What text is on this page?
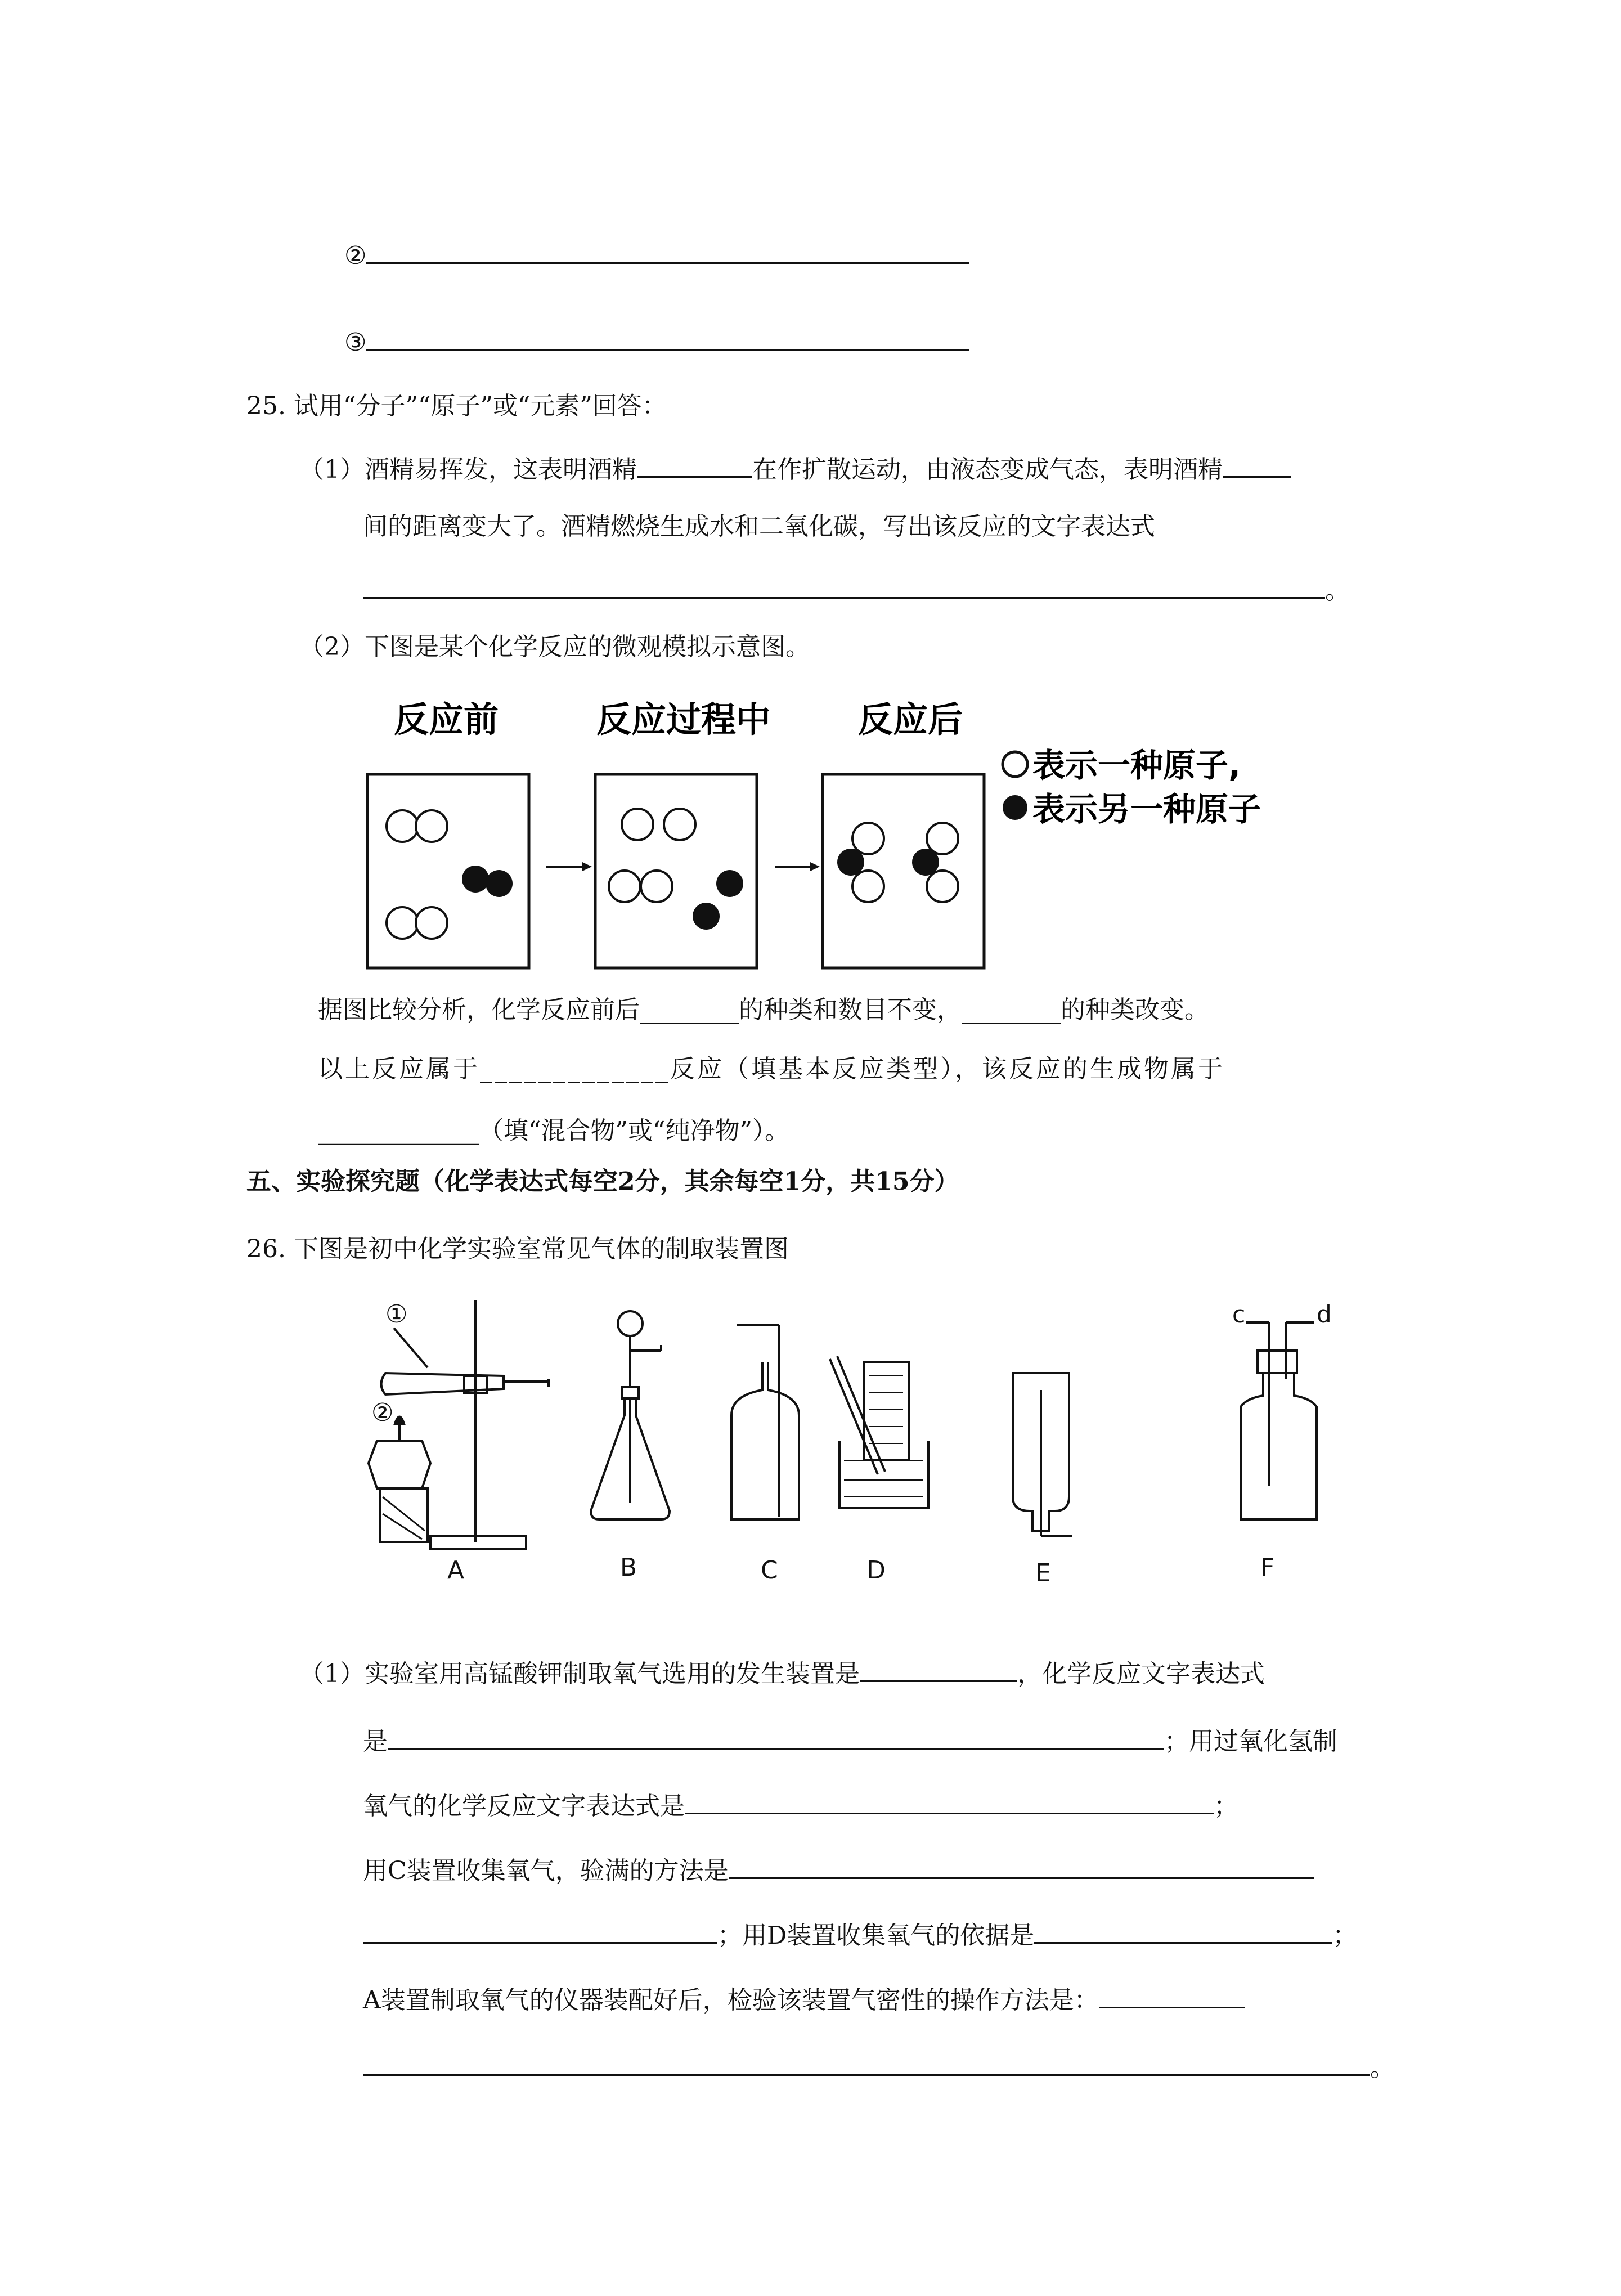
②
③
25. 试用“分子”“原子”或“元素”回答：
（1）酒精易挥发，这表明酒精	在作扩散运动，由液态变成气态，表明酒精
间的距离变大了。酒精燃烧生成水和二氧化碳，写出该反应的文字表达式
。
（2）下图是某个化学反应的微观模拟示意图。
反应前	反应过程中 反应后
表示一种原子,
表示另一种原子
据图比较分析，化学反应前后________的种类和数目不变，________的种类改变。
以上反应属于_____________反应（填基本反应类型），该反应的生成物属于
_____________（填“混合物”或“纯净物”）。
五、实验探究题（化学表达式每空2分，其余每空1分，共15分）
26. 下图是初中化学实验室常见气体的制取装置图
①
②
A	B	C	D	E
c	d
F
（1）实验室用高锰酸钾制取氧气选用的发生装置是	，化学反应文字表达式
是	；用过氧化氢制
氧气的化学反应文字表达式是	；
用C装置收集氧气，验满的方法是
；用D装置收集氧气的依据是	；
A装置制取氧气的仪器装配好后，检验该装置气密性的操作方法是：
。
